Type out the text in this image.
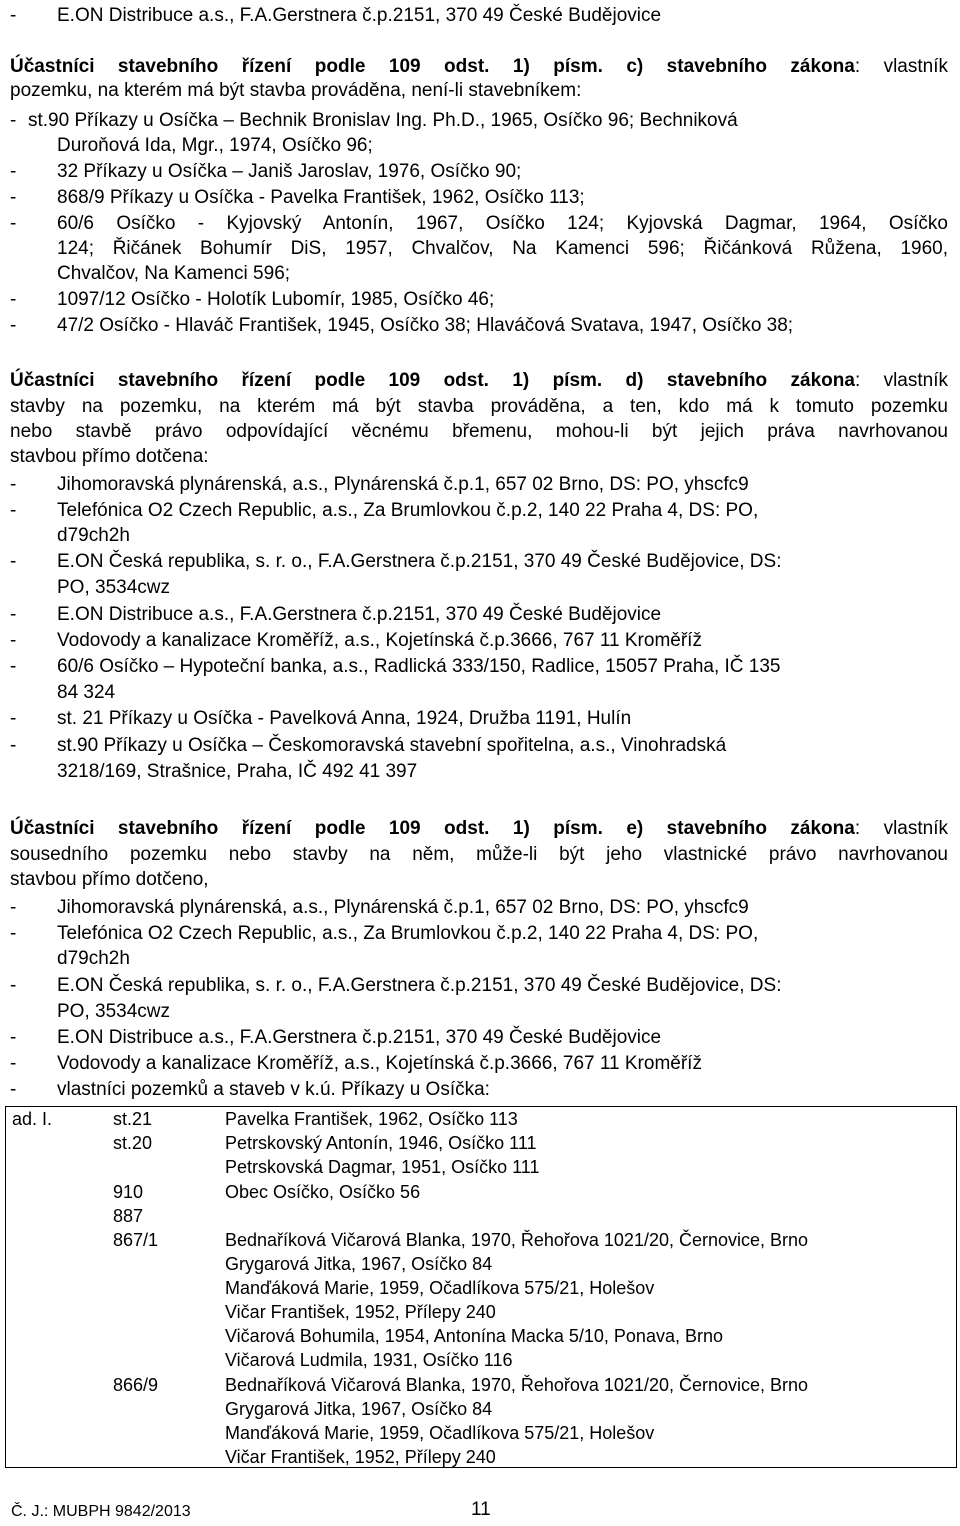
- E.ON Distribuce a.s., F.A.Gerstnera č.p.2151, 370 49 České Budějovice
Účastníci stavebního řízení podle 109 odst. 1) písm. c) stavebního zákona: vlastník
pozemku, na kterém má být stavba prováděna, není-li stavebníkem:
- st.90 Příkazy u Osíčka – Bechnik Bronislav Ing. Ph.D., 1965, Osíčko 96; Bechniková
Duroňová Ida, Mgr., 1974, Osíčko 96;
- 32 Příkazy u Osíčka – Janiš Jaroslav, 1976, Osíčko 90;
- 868/9 Příkazy u Osíčka - Pavelka František, 1962, Osíčko 113;
- 60/6 Osíčko - Kyjovský Antonín, 1967, Osíčko 124; Kyjovská Dagmar, 1964, Osíčko
124; Řičánek Bohumír DiS, 1957, Chvalčov, Na Kamenci 596; Řičánková Růžena, 1960,
Chvalčov, Na Kamenci 596;
- 1097/12 Osíčko - Holotík Lubomír, 1985, Osíčko 46;
- 47/2 Osíčko - Hlaváč František, 1945, Osíčko 38; Hlaváčová Svatava, 1947, Osíčko 38;
Účastníci stavebního řízení podle 109 odst. 1) písm. d) stavebního zákona: vlastník
stavby na pozemku, na kterém má být stavba prováděna, a ten, kdo má k tomuto pozemku
nebo stavbě právo odpovídající věcnému břemenu, mohou-li být jejich práva navrhovanou
stavbou přímo dotčena:
- Jihomoravská plynárenská, a.s., Plynárenská č.p.1, 657 02 Brno, DS: PO, yhscfc9
- Telefónica O2 Czech Republic, a.s., Za Brumlovkou č.p.2, 140 22 Praha 4, DS: PO,
d79ch2h
- E.ON Česká republika, s. r. o., F.A.Gerstnera č.p.2151, 370 49 České Budějovice, DS:
PO, 3534cwz
- E.ON Distribuce a.s., F.A.Gerstnera č.p.2151, 370 49 České Budějovice
- Vodovody a kanalizace Kroměříž, a.s., Kojetínská č.p.3666, 767 11 Kroměříž
- 60/6 Osíčko – Hypoteční banka, a.s., Radlická 333/150, Radlice, 15057 Praha, IČ 135
84 324
- st. 21 Příkazy u Osíčka - Pavelková Anna, 1924, Družba 1191, Hulín
- st.90 Příkazy u Osíčka – Českomoravská stavební spořitelna, a.s., Vinohradská
3218/169, Strašnice, Praha, IČ 492 41 397
Účastníci stavebního řízení podle 109 odst. 1) písm. e) stavebního zákona: vlastník
sousedního pozemku nebo stavby na něm, může-li být jeho vlastnické právo navrhovanou
stavbou přímo dotčeno,
- Jihomoravská plynárenská, a.s., Plynárenská č.p.1, 657 02 Brno, DS: PO, yhscfc9
- Telefónica O2 Czech Republic, a.s., Za Brumlovkou č.p.2, 140 22 Praha 4, DS: PO,
d79ch2h
- E.ON Česká republika, s. r. o., F.A.Gerstnera č.p.2151, 370 49 České Budějovice, DS:
PO, 3534cwz
- E.ON Distribuce a.s., F.A.Gerstnera č.p.2151, 370 49 České Budějovice
- Vodovody a kanalizace Kroměříž, a.s., Kojetínská č.p.3666, 767 11 Kroměříž
- vlastníci pozemků a staveb v k.ú. Příkazy u Osíčka:
ad. I.	st.21
st.20
910
887
867/1
866/9
Pavelka František, 1962, Osíčko 113
Petrskovský Antonín, 1946, Osíčko 111
Petrskovská Dagmar, 1951, Osíčko 111
Obec Osíčko, Osíčko 56
Bednaříková Vičarová Blanka, 1970, Řehořova 1021/20, Černovice, Brno
Grygarová Jitka, 1967, Osíčko 84
Manďáková Marie, 1959, Očadlíkova 575/21, Holešov
Vičar František, 1952, Přílepy 240
Vičarová Bohumila, 1954, Antonína Macka 5/10, Ponava, Brno
Vičarová Ludmila, 1931, Osíčko 116
Bednaříková Vičarová Blanka, 1970, Řehořova 1021/20, Černovice, Brno
Grygarová Jitka, 1967, Osíčko 84
Manďáková Marie, 1959, Očadlíkova 575/21, Holešov
Vičar František, 1952, Přílepy 240
Č. J.: MUBPH 9842/2013	11
